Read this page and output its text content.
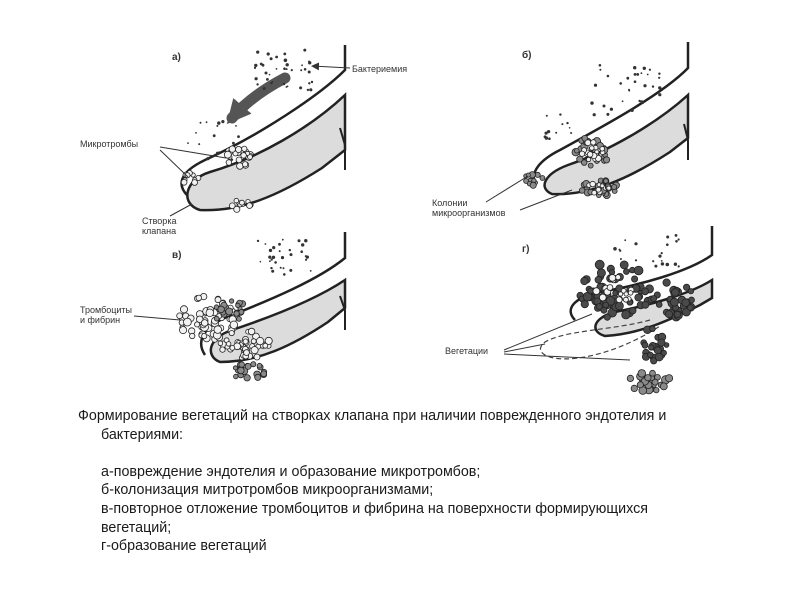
а)
Бактериемия
Микротромбы
Створка
клапана
б)
Колонии
микроорганизмов
в)
Тромбоциты
и фибрин
г)
Вегетации
Формирование вегетаций на створках клапана при наличии поврежденного эндотелия и
бактериями:
а-повреждение эндотелия и образование микротромбов;
б-колонизация митротромбов микроорганизмами;
в-повторное отложение тромбоцитов и фибрина на поверхности формирующихся
вегетаций;
г-образование вегетаций
